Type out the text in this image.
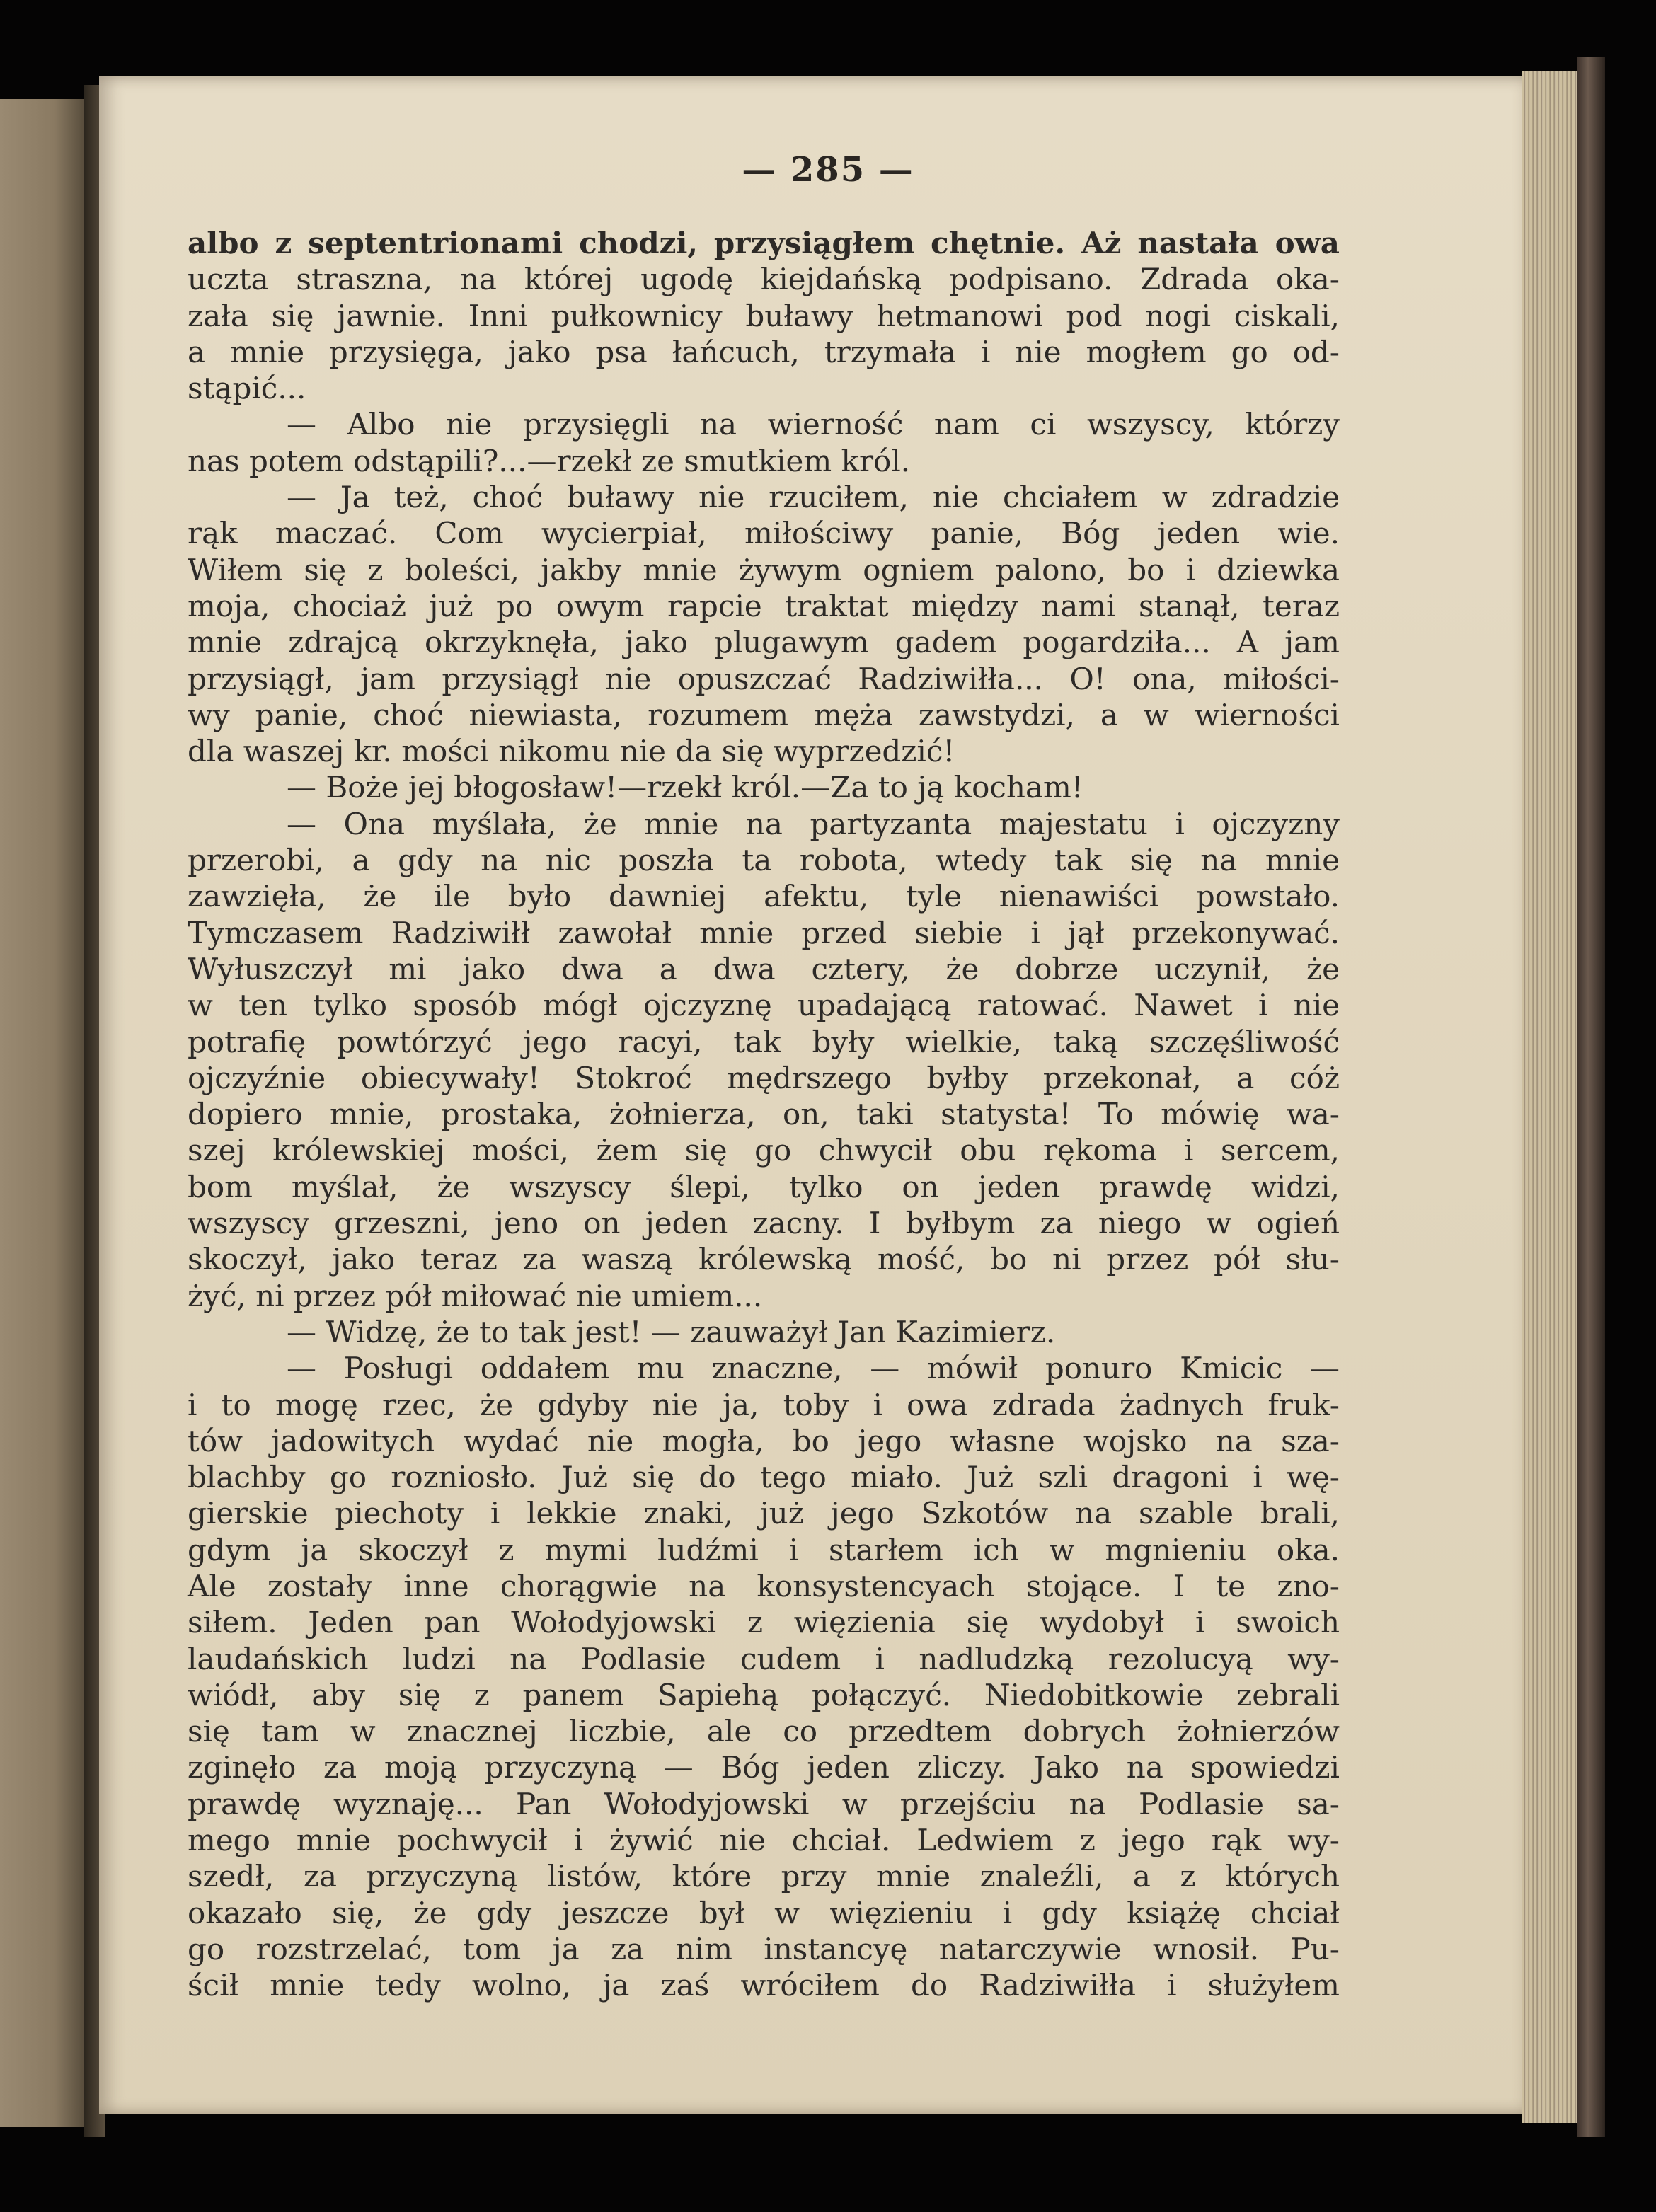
— 285 —
albo z septentrionami chodzi, przysiągłem chętnie. Aż nastała owa
uczta straszna, na której ugodę kiejdańską podpisano. Zdrada oka-
zała się jawnie. Inni pułkownicy buławy hetmanowi pod nogi ciskali,
a mnie przysięga, jako psa łańcuch, trzymała i nie mogłem go od-
stąpić...
— Albo nie przysięgli na wierność nam ci wszyscy, którzy
nas potem odstąpili?...—rzekł ze smutkiem król.
— Ja też, choć buławy nie rzuciłem, nie chciałem w zdradzie
rąk maczać. Com wycierpiał, miłościwy panie, Bóg jeden wie.
Wiłem się z boleści, jakby mnie żywym ogniem palono, bo i dziewka
moja, chociaż już po owym rapcie traktat między nami stanął, teraz
mnie zdrajcą okrzyknęła, jako plugawym gadem pogardziła... A jam
przysiągł, jam przysiągł nie opuszczać Radziwiłła... O! ona, miłości-
wy panie, choć niewiasta, rozumem męża zawstydzi, a w wierności
dla waszej kr. mości nikomu nie da się wyprzedzić!
— Boże jej błogosław!—rzekł król.—Za to ją kocham!
— Ona myślała, że mnie na partyzanta majestatu i ojczyzny
przerobi, a gdy na nic poszła ta robota, wtedy tak się na mnie
zawzięła, że ile było dawniej afektu, tyle nienawiści powstało.
Tymczasem Radziwiłł zawołał mnie przed siebie i jął przekonywać.
Wyłuszczył mi jako dwa a dwa cztery, że dobrze uczynił, że
w ten tylko sposób mógł ojczyznę upadającą ratować. Nawet i nie
potrafię powtórzyć jego racyi, tak były wielkie, taką szczęśliwość
ojczyźnie obiecywały! Stokroć mędrszego byłby przekonał, a cóż
dopiero mnie, prostaka, żołnierza, on, taki statysta! To mówię wa-
szej królewskiej mości, żem się go chwycił obu rękoma i sercem,
bom myślał, że wszyscy ślepi, tylko on jeden prawdę widzi,
wszyscy grzeszni, jeno on jeden zacny. I byłbym za niego w ogień
skoczył, jako teraz za waszą królewską mość, bo ni przez pół słu-
żyć, ni przez pół miłować nie umiem...
— Widzę, że to tak jest! — zauważył Jan Kazimierz.
— Posługi oddałem mu znaczne, — mówił ponuro Kmicic —
i to mogę rzec, że gdyby nie ja, toby i owa zdrada żadnych fruk-
tów jadowitych wydać nie mogła, bo jego własne wojsko na sza-
blachby go rozniosło. Już się do tego miało. Już szli dragoni i wę-
gierskie piechoty i lekkie znaki, już jego Szkotów na szable brali,
gdym ja skoczył z mymi ludźmi i starłem ich w mgnieniu oka.
Ale zostały inne chorągwie na konsystencyach stojące. I te zno-
siłem. Jeden pan Wołodyjowski z więzienia się wydobył i swoich
laudańskich ludzi na Podlasie cudem i nadludzką rezolucyą wy-
wiódł, aby się z panem Sapiehą połączyć. Niedobitkowie zebrali
się tam w znacznej liczbie, ale co przedtem dobrych żołnierzów
zginęło za moją przyczyną — Bóg jeden zliczy. Jako na spowiedzi
prawdę wyznaję... Pan Wołodyjowski w przejściu na Podlasie sa-
mego mnie pochwycił i żywić nie chciał. Ledwiem z jego rąk wy-
szedł, za przyczyną listów, które przy mnie znaleźli, a z których
okazało się, że gdy jeszcze był w więzieniu i gdy książę chciał
go rozstrzelać, tom ja za nim instancyę natarczywie wnosił. Pu-
ścił mnie tedy wolno, ja zaś wróciłem do Radziwiłła i służyłem
